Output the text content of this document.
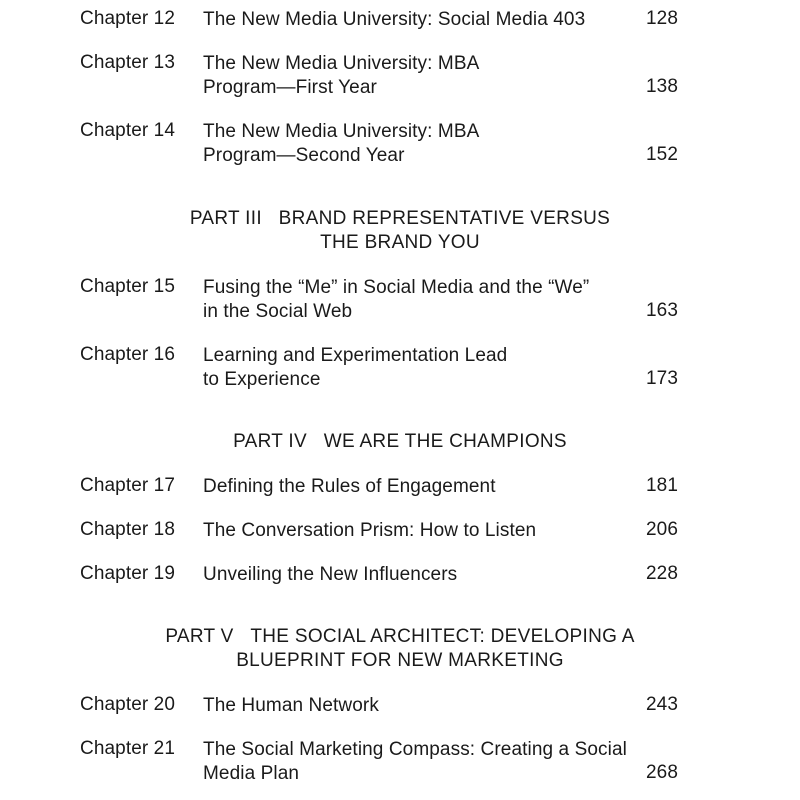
Chapter 12 The New Media University: Social Media 403	128
Chapter 13 The New Media University: MBA
Program—First Year	138
Chapter 14 The New Media University: MBA
Program—Second Year	152
PART III   BRAND REPRESENTATIVE VERSUS
THE BRAND YOU
Chapter 15 Fusing the “Me” in Social Media and the “We”
in the Social Web	163
Chapter 16 Learning and Experimentation Lead
to Experience	173
PART IV   WE ARE THE CHAMPIONS
Chapter 17 Defining the Rules of Engagement	181
Chapter 18 The Conversation Prism: How to Listen	206
Chapter 19 Unveiling the New Influencers	228
PART V   THE SOCIAL ARCHITECT: DEVELOPING A
BLUEPRINT FOR NEW MARKETING
Chapter 20 The Human Network	243
Chapter 21 The Social Marketing Compass: Creating a Social
Media Plan	268
